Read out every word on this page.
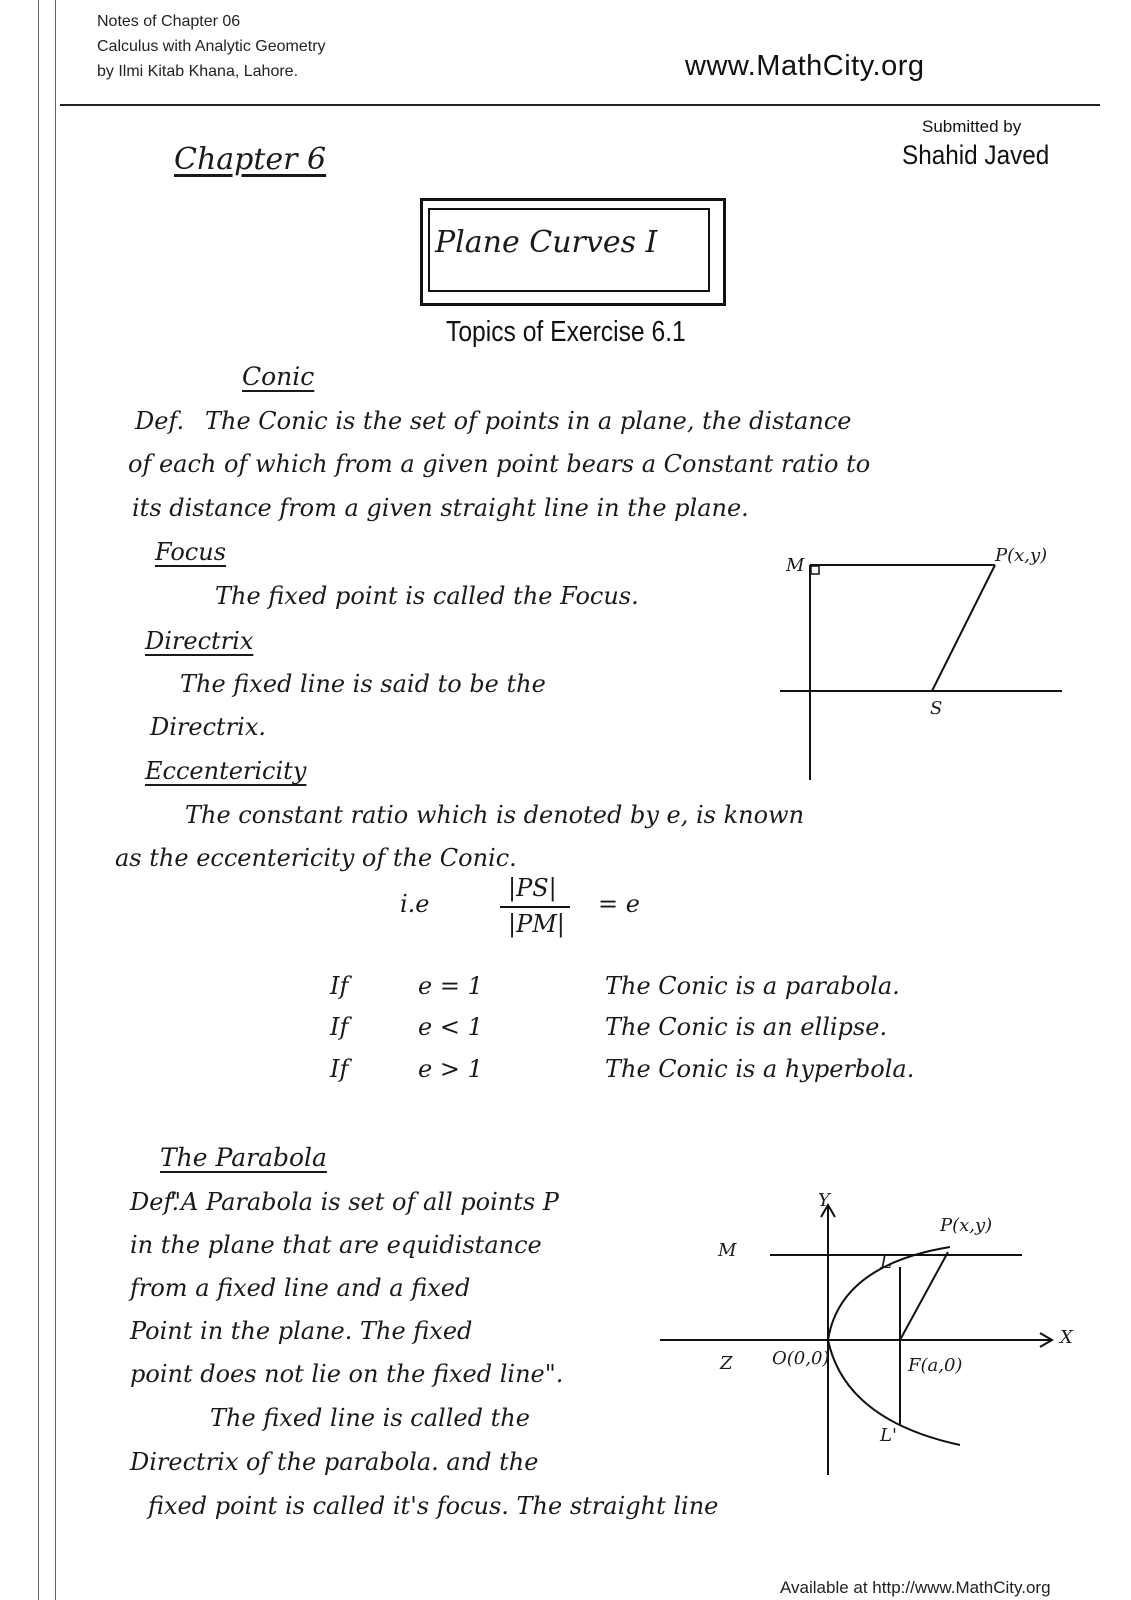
Notes of Chapter 06
Calculus with Analytic Geometry
by Ilmi Kitab Khana, Lahore.	www.MathCity.org
Submitted by
Shahid Javed
Chapter 6
Plane Curves I
Topics of Exercise 6.1
Conic
Def. The Conic is the set of points in a plane, the distance
of each of which from a given point bears a Constant ratio to
its distance from a given straight line in the plane.
Focus
The fixed point is called the Focus.
Directrix
The fixed line is said to be the
Directrix.
Eccentericity
The constant ratio which is denoted by e, is known
as the eccentericity of the Conic.
i.e
|PS|
|PM|
= e
If	e = 1	The Conic is a parabola.
If	e < 1	The Conic is an ellipse.
If	e > 1	The Conic is a hyperbola.
M	P(x,y)
S
The Parabola
Def.
"A Parabola is set of all points P
in the plane that are equidistance
from a fixed line and a fixed
Point in the plane. The fixed
point does not lie on the fixed line".
The fixed line is called the
Directrix of the parabola. and the
fixed point is called it's focus. The straight line
Y
X
M
P(x,y)
L
L'
Z O(0,0)	F(a,0)
Available at http://www.MathCity.org
